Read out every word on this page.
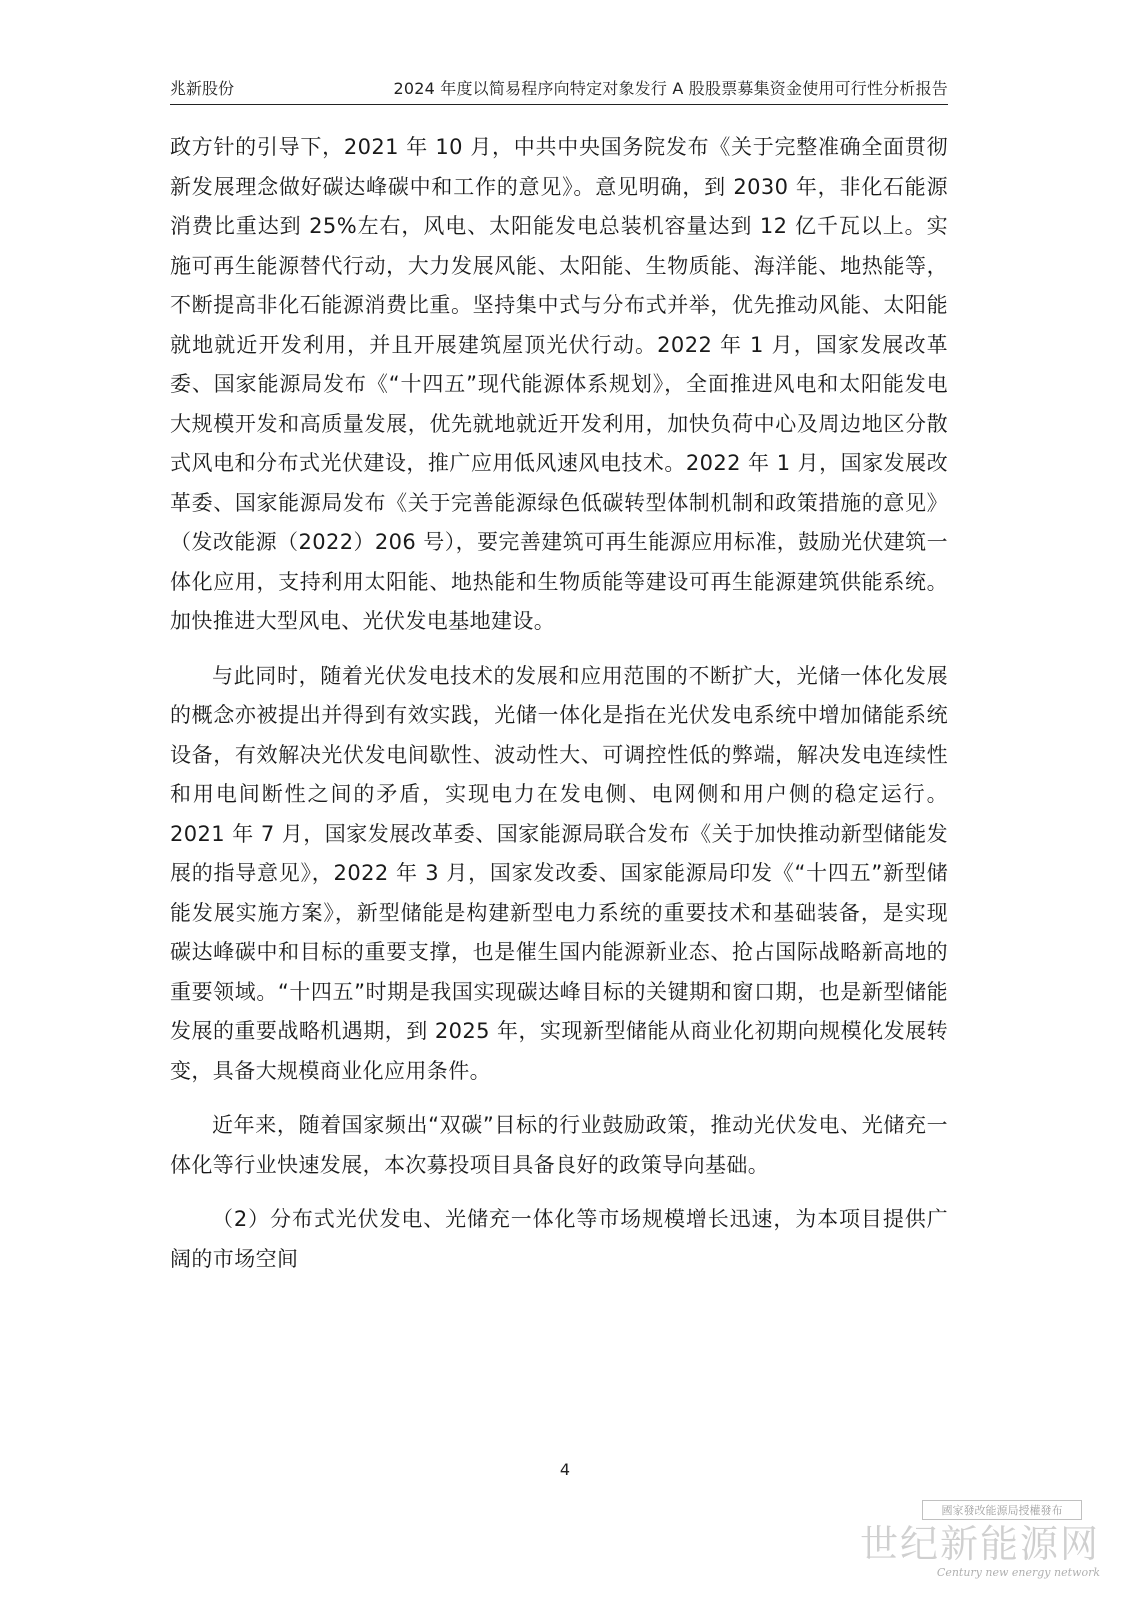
兆新股份	2024 年度以简易程序向特定对象发行 A 股股票募集资金使用可行性分析报告

政方针的引导下，2021 年 10 月，中共中央国务院发布《关于完整准确全面贯彻新发展理念做好碳达峰碳中和工作的意见》。意见明确，到 2030 年，非化石能源消费比重达到 25%左右，风电、太阳能发电总装机容量达到 12 亿千瓦以上。实施可再生能源替代行动，大力发展风能、太阳能、生物质能、海洋能、地热能等，不断提高非化石能源消费比重。坚持集中式与分布式并举，优先推动风能、太阳能就地就近开发利用，并且开展建筑屋顶光伏行动。2022 年 1 月，国家发展改革委、国家能源局发布《“十四五”现代能源体系规划》，全面推进风电和太阳能发电大规模开发和高质量发展，优先就地就近开发利用，加快负荷中心及周边地区分散式风电和分布式光伏建设，推广应用低风速风电技术。2022 年 1 月，国家发展改革委、国家能源局发布《关于完善能源绿色低碳转型体制机制和政策措施的意见》（发改能源（2022）206 号），要完善建筑可再生能源应用标准，鼓励光伏建筑一体化应用，支持利用太阳能、地热能和生物质能等建设可再生能源建筑供能系统。加快推进大型风电、光伏发电基地建设。

与此同时，随着光伏发电技术的发展和应用范围的不断扩大，光储一体化发展的概念亦被提出并得到有效实践，光储一体化是指在光伏发电系统中增加储能系统设备，有效解决光伏发电间歇性、波动性大、可调控性低的弊端，解决发电连续性和用电间断性之间的矛盾，实现电力在发电侧、电网侧和用户侧的稳定运行。2021 年 7 月，国家发展改革委、国家能源局联合发布《关于加快推动新型储能发展的指导意见》，2022 年 3 月，国家发改委、国家能源局印发《“十四五”新型储能发展实施方案》，新型储能是构建新型电力系统的重要技术和基础装备，是实现碳达峰碳中和目标的重要支撑，也是催生国内能源新业态、抢占国际战略新高地的重要领域。“十四五”时期是我国实现碳达峰目标的关键期和窗口期，也是新型储能发展的重要战略机遇期，到 2025 年，实现新型储能从商业化初期向规模化发展转变，具备大规模商业化应用条件。

近年来，随着国家频出“双碳”目标的行业鼓励政策，推动光伏发电、光储充一体化等行业快速发展，本次募投项目具备良好的政策导向基础。

（2）分布式光伏发电、光储充一体化等市场规模增长迅速，为本项目提供广阔的市场空间

4
國家發改能源局授權發布
世纪新能源网
Century new energy network
